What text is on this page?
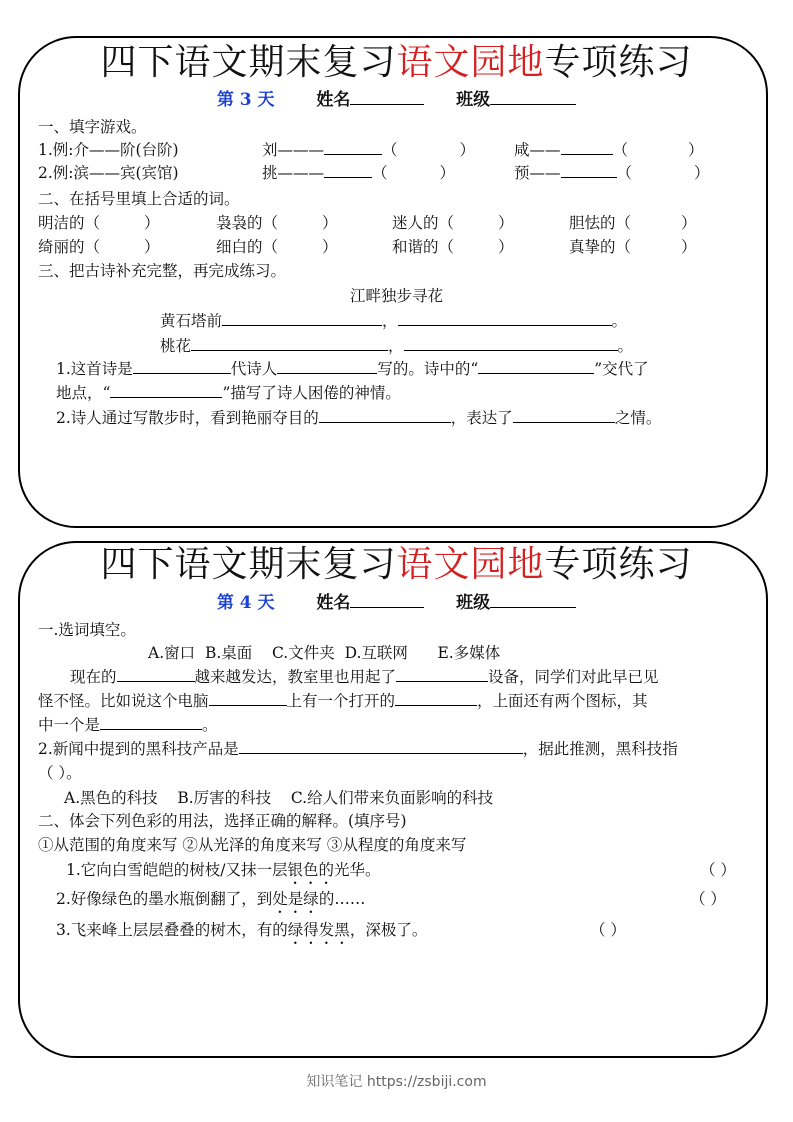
四下语文期末复习语文园地专项练习
第 3 天 姓名	班级
一、填字游戏。
1.例:介——阶(台阶)	刘———	（	）	咸——	（	）
2.例:滨——宾(宾馆)	挑———	（	）	预——	（	）
二、在括号里填上合适的词。
明洁的（	）	袅袅的（	）	迷人的（	）	胆怯的（	）
绮丽的（	）	细白的（	）	和谐的（	）	真挚的（	）
三、把古诗补充完整，再完成练习。
江畔独步寻花
黄石塔前	，	。
桃花	，	。
1.这首诗是	代诗人	写的。诗中的“	”交代了
地点，“	”描写了诗人困倦的神情。
2.诗人通过写散步时，看到艳丽夺目的	，表达了	之情。
四下语文期末复习语文园地专项练习
第 4 天 姓名	班级
一.选词填空。
A.窗口  B.桌面    C.文件夹  D.互联网      E.多媒体
现在的	越来越发达，教室里也用起了	设备，同学们对此早已见
怪不怪。比如说这个电脑	上有一个打开的	，上面还有两个图标，其
中一个是	。
2.新闻中提到的黑科技产品是	，据此推测，黑科技指
（ ）。
A.黑色的科技    B.厉害的科技    C.给人们带来负面影响的科技
二、体会下列色彩的用法，选择正确的解释。(填序号)
①从范围的角度来写 ②从光泽的角度来写 ③从程度的角度来写
1.它向白雪皑皑的树枝/又抹一层银色的光华。	（ ）
2.好像绿色的墨水瓶倒翻了，到处是绿的……	（ ）
3.飞来峰上层层叠叠的树木，有的绿得发黑，深极了。	（ ）
知识笔记 https://zsbiji.com
